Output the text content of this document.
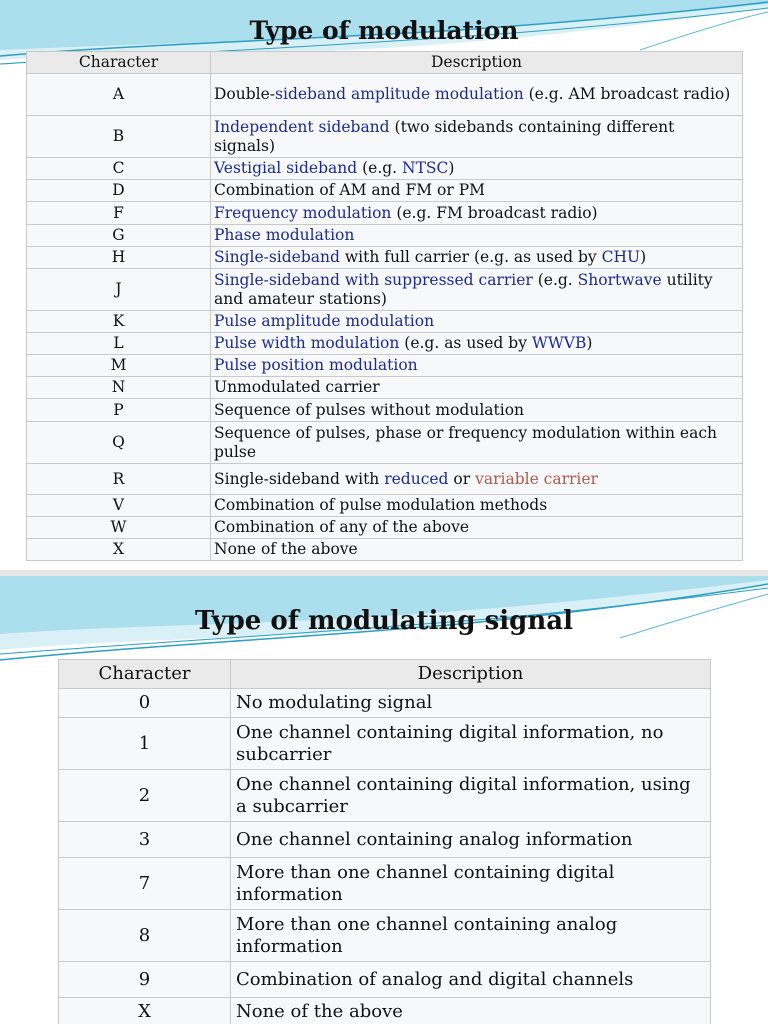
Type of modulation
Character	Description
A	Double-sideband amplitude modulation (e.g. AM broadcast radio)
B	Independent sideband (two sidebands containing different signals)
C	Vestigial sideband (e.g. NTSC)
D	Combination of AM and FM or PM
F	Frequency modulation (e.g. FM broadcast radio)
G	Phase modulation
H	Single-sideband with full carrier (e.g. as used by CHU)
J	Single-sideband with suppressed carrier (e.g. Shortwave utility and amateur stations)
K	Pulse amplitude modulation
L	Pulse width modulation (e.g. as used by WWVB)
M	Pulse position modulation
N	Unmodulated carrier
P	Sequence of pulses without modulation
Q	Sequence of pulses, phase or frequency modulation within each pulse
R	Single-sideband with reduced or variable carrier
V	Combination of pulse modulation methods
W	Combination of any of the above
X	None of the above
Type of modulating signal
Character	Description
0	No modulating signal
1	One channel containing digital information, no subcarrier
2	One channel containing digital information, using a subcarrier
3	One channel containing analog information
7	More than one channel containing digital information
8	More than one channel containing analog information
9	Combination of analog and digital channels
X	None of the above
